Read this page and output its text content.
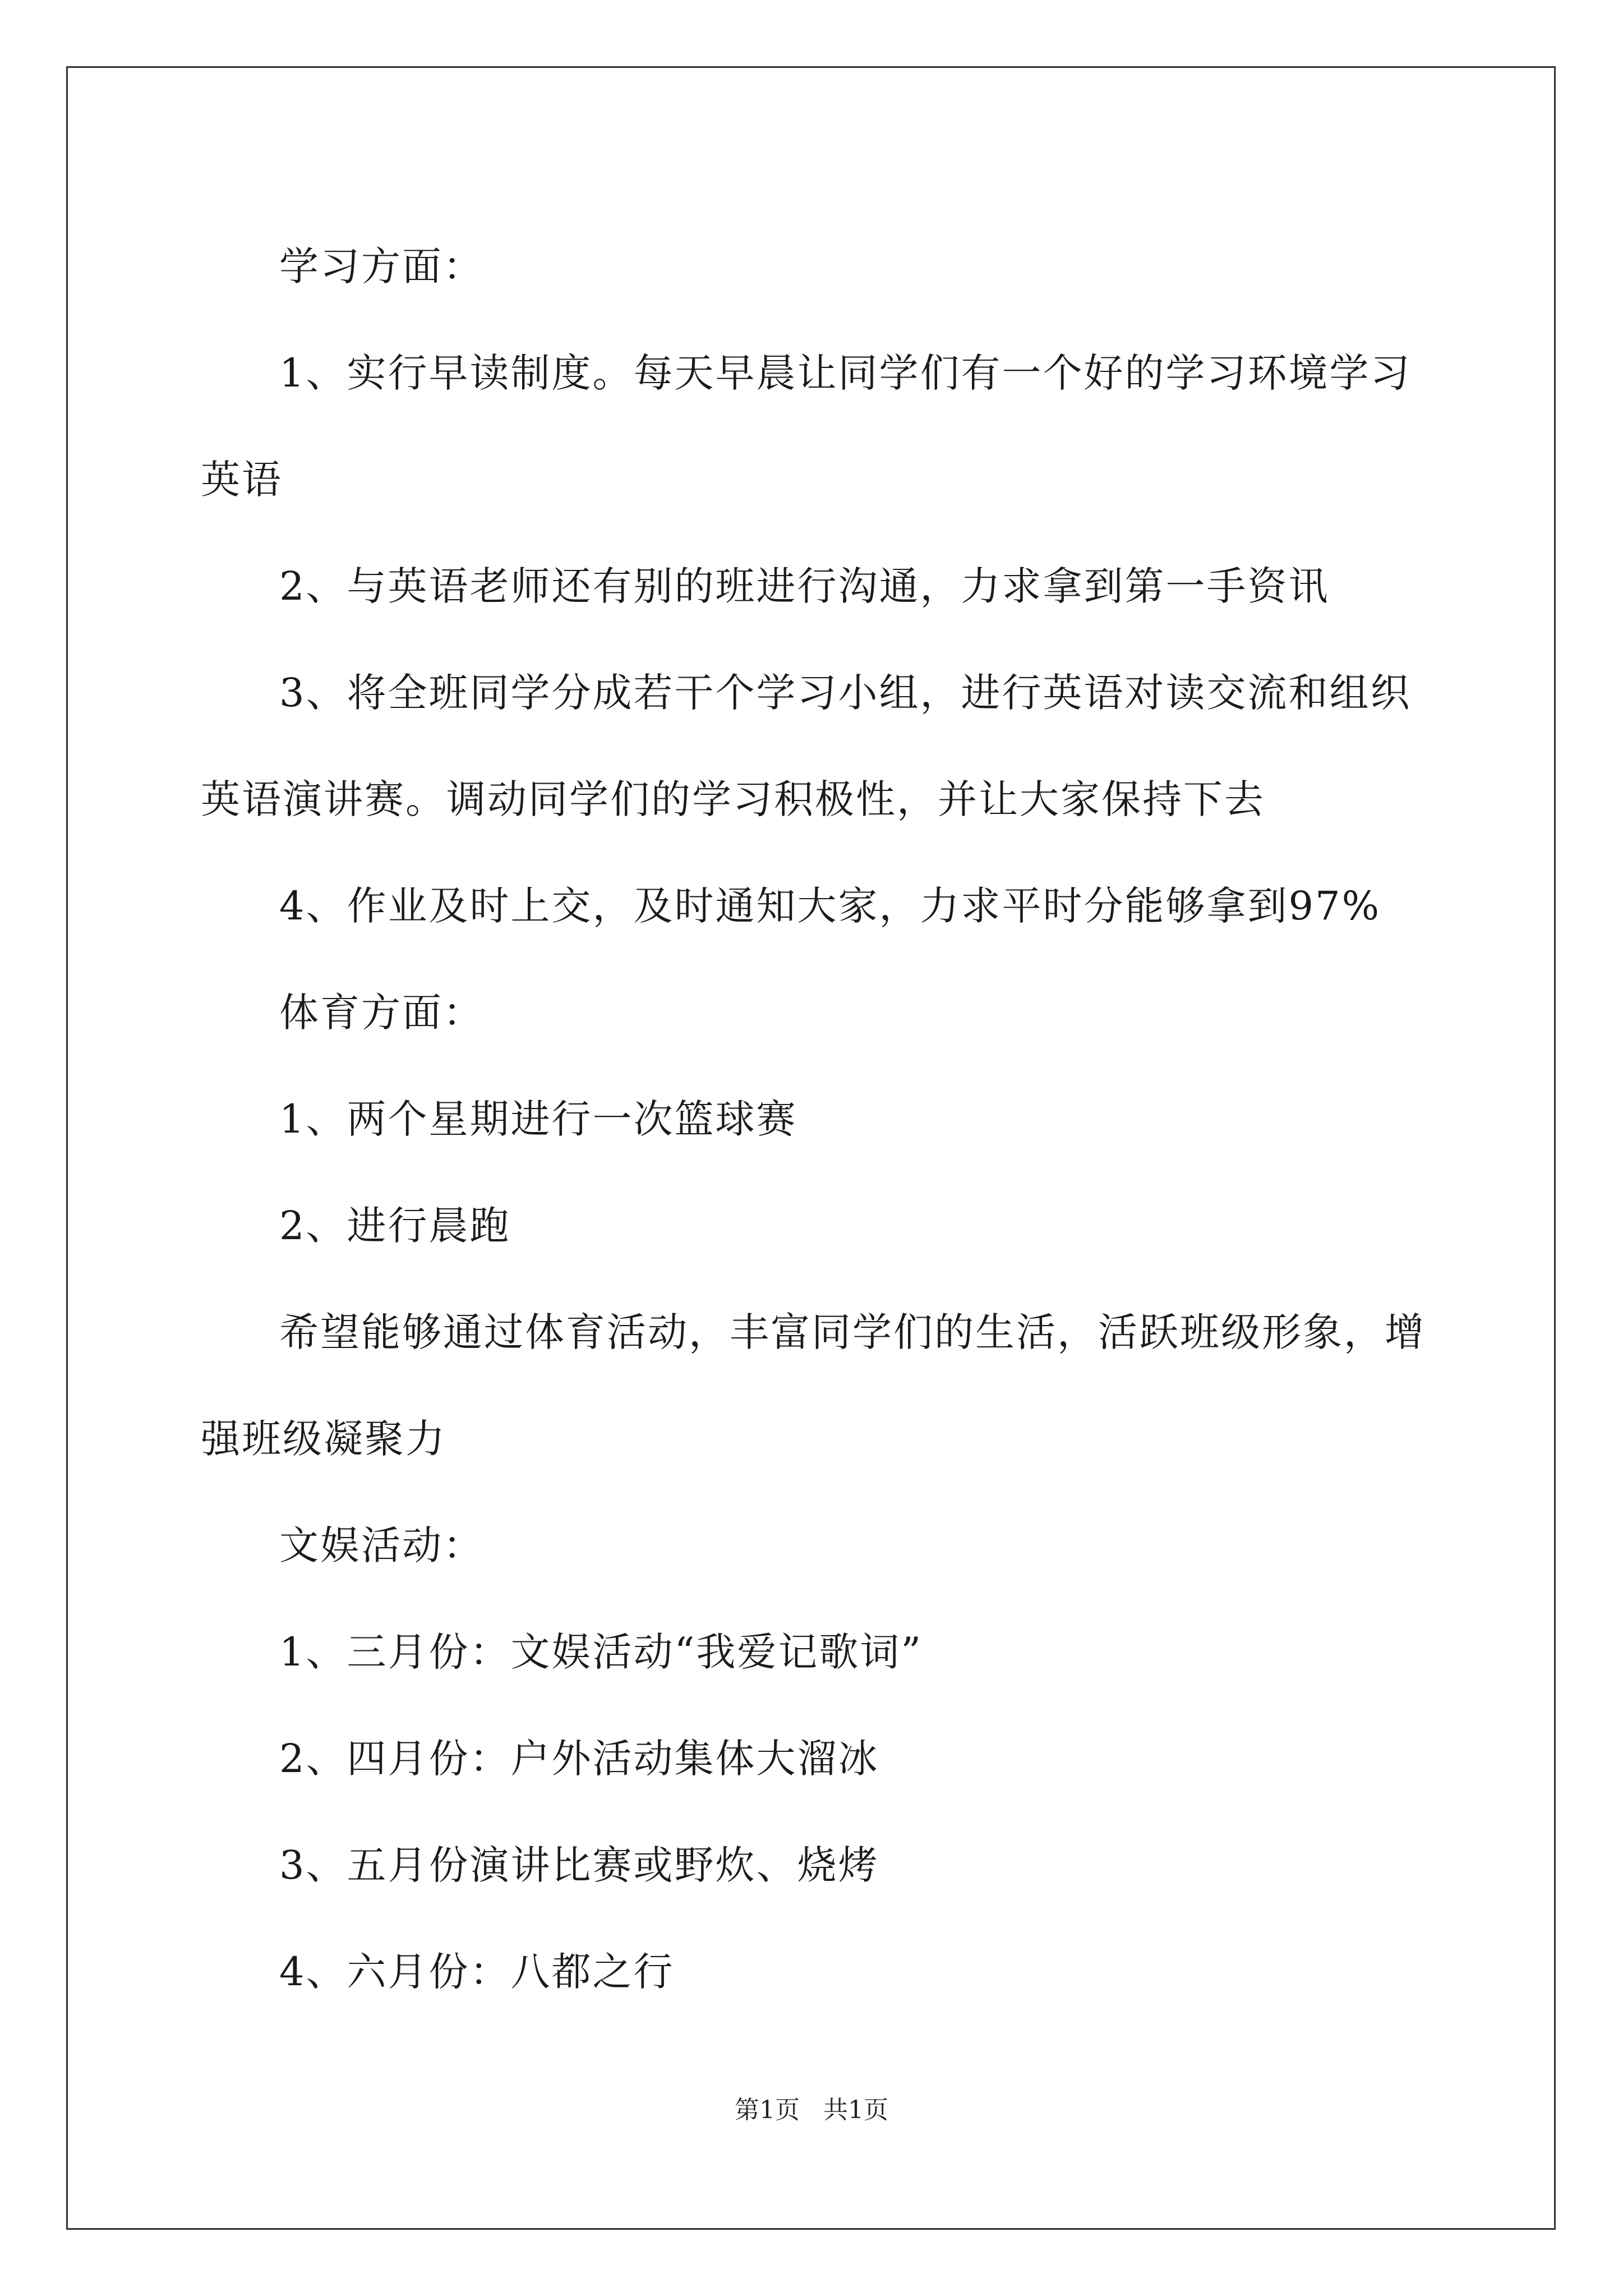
学习方面：

1、实行早读制度。每天早晨让同学们有一个好的学习环境学习英语

2、与英语老师还有别的班进行沟通，力求拿到第一手资讯

3、将全班同学分成若干个学习小组，进行英语对读交流和组织英语演讲赛。调动同学们的学习积极性，并让大家保持下去

4、作业及时上交，及时通知大家，力求平时分能够拿到97%

体育方面：

1、两个星期进行一次篮球赛

2、进行晨跑

希望能够通过体育活动，丰富同学们的生活，活跃班级形象，增强班级凝聚力

文娱活动：

1、三月份：文娱活动“我爱记歌词”

2、四月份：户外活动集体大溜冰

3、五月份演讲比赛或野炊、烧烤

4、六月份：八都之行

第1页 共1页
